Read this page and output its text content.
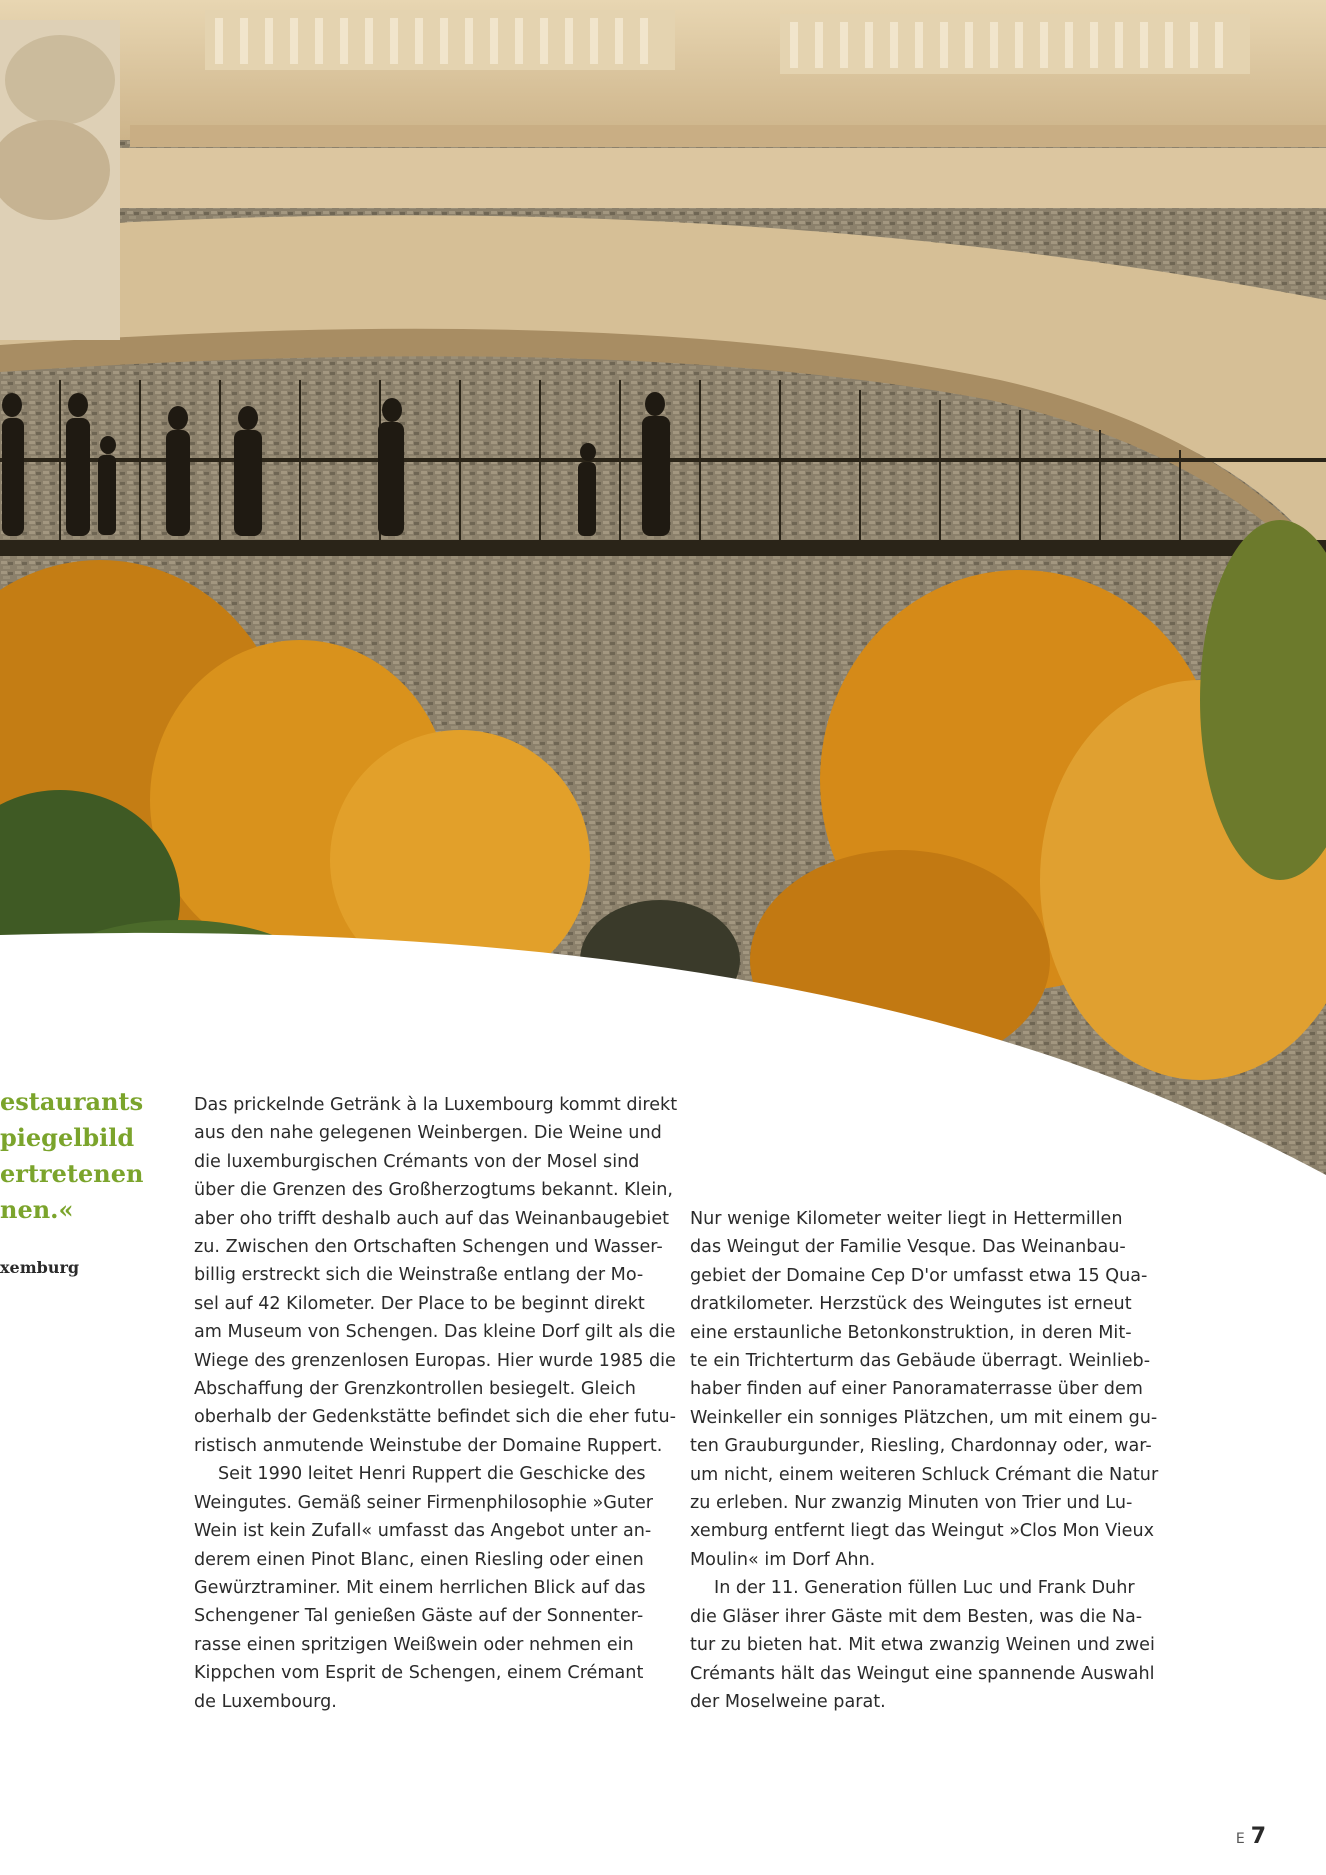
estaurants
piegelbild
ertretenen
nen.«
xemburg
Das prickelnde Getränk à la Luxembourg kommt direkt
aus den nahe gelegenen Weinbergen. Die Weine und
die luxemburgischen Crémants von der Mosel sind
über die Grenzen des Großherzogtums bekannt. Klein,
aber oho trifft deshalb auch auf das Weinanbaugebiet
zu. Zwischen den Ortschaften Schengen und Wasser-
billig erstreckt sich die Weinstraße entlang der Mo-
sel auf 42 Kilometer. Der Place to be beginnt direkt
am Museum von Schengen. Das kleine Dorf gilt als die
Wiege des grenzenlosen Europas. Hier wurde 1985 die
Abschaffung der Grenzkontrollen besiegelt. Gleich
oberhalb der Gedenkstätte befindet sich die eher futu-
ristisch anmutende Weinstube der Domaine Ruppert.
Seit 1990 leitet Henri Ruppert die Geschicke des
Weingutes. Gemäß seiner Firmenphilosophie »Guter
Wein ist kein Zufall« umfasst das Angebot unter an-
derem einen Pinot Blanc, einen Riesling oder einen
Gewürztraminer. Mit einem herrlichen Blick auf das
Schengener Tal genießen Gäste auf der Sonnenter-
rasse einen spritzigen Weißwein oder nehmen ein
Kippchen vom Esprit de Schengen, einem Crémant
de Luxembourg.
Nur wenige Kilometer weiter liegt in Hettermillen
das Weingut der Familie Vesque. Das Weinanbau-
gebiet der Domaine Cep D'or umfasst etwa 15 Qua-
dratkilometer. Herzstück des Weingutes ist erneut
eine erstaunliche Betonkonstruktion, in deren Mit-
te ein Trichterturm das Gebäude überragt. Weinlieb-
haber finden auf einer Panoramaterrasse über dem
Weinkeller ein sonniges Plätzchen, um mit einem gu-
ten Grauburgunder, Riesling, Chardonnay oder, war-
um nicht, einem weiteren Schluck Crémant die Natur
zu erleben. Nur zwanzig Minuten von Trier und Lu-
xemburg entfernt liegt das Weingut »Clos Mon Vieux
Moulin« im Dorf Ahn.
In der 11. Generation füllen Luc und Frank Duhr
die Gläser ihrer Gäste mit dem Besten, was die Na-
tur zu bieten hat. Mit etwa zwanzig Weinen und zwei
Crémants hält das Weingut eine spannende Auswahl
der Moselweine parat.
E 7
